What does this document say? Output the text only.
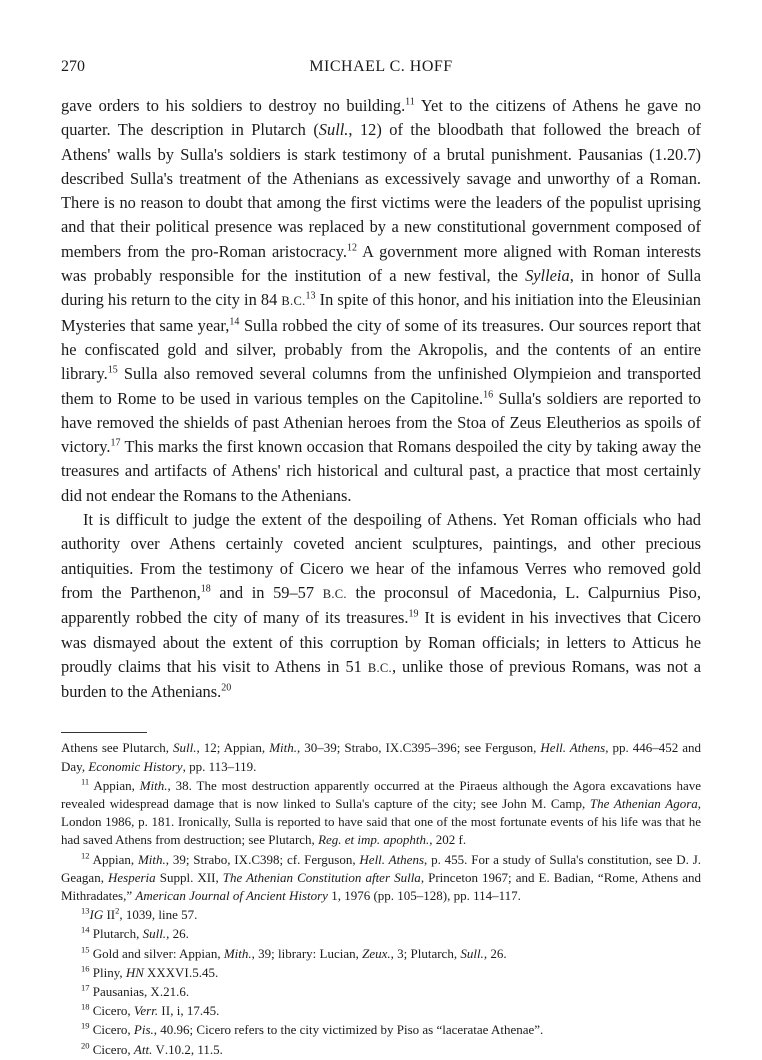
270	MICHAEL C. HOFF

gave orders to his soldiers to destroy no building.$^{11}$ Yet to the citizens of Athens he gave no quarter. The description in Plutarch (Sull., 12) of the bloodbath that followed the breach of Athens' walls by Sulla's soldiers is stark testimony of a brutal punishment. Pausanias (1.20.7) described Sulla's treatment of the Athenians as excessively savage and unworthy of a Roman. There is no reason to doubt that among the first victims were the leaders of the populist uprising and that their political presence was replaced by a new constitutional government composed of members from the pro-Roman aristocracy.$^{12}$ A government more aligned with Roman interests was probably responsible for the institution of a new festival, the Sylleia, in honor of Sulla during his return to the city in 84 B.C.$^{13}$ In spite of this honor, and his initiation into the Eleusinian Mysteries that same year,$^{14}$ Sulla robbed the city of some of its treasures. Our sources report that he confiscated gold and silver, probably from the Akropolis, and the contents of an entire library.$^{15}$ Sulla also removed several columns from the unfinished Olympieion and transported them to Rome to be used in various temples on the Capitoline.$^{16}$ Sulla's soldiers are reported to have removed the shields of past Athenian heroes from the Stoa of Zeus Eleutherios as spoils of victory.$^{17}$ This marks the first known occasion that Romans despoiled the city by taking away the treasures and artifacts of Athens' rich historical and cultural past, a practice that most certainly did not endear the Romans to the Athenians.

It is difficult to judge the extent of the despoiling of Athens. Yet Roman officials who had authority over Athens certainly coveted ancient sculptures, paintings, and other precious antiquities. From the testimony of Cicero we hear of the infamous Verres who removed gold from the Parthenon,$^{18}$ and in 59–57 B.C. the proconsul of Macedonia, L. Calpurnius Piso, apparently robbed the city of many of its treasures.$^{19}$ It is evident in his invectives that Cicero was dismayed about the extent of this corruption by Roman officials; in letters to Atticus he proudly claims that his visit to Athens in 51 B.C., unlike those of previous Romans, was not a burden to the Athenians.$^{20}$

Athens see Plutarch, Sull., 12; Appian, Mith., 30–39; Strabo, IX.C395–396; see Ferguson, Hell. Athens, pp. 446–452 and Day, Economic History, pp. 113–119.

$^{11}$ Appian, Mith., 38. The most destruction apparently occurred at the Piraeus although the Agora excavations have revealed widespread damage that is now linked to Sulla's capture of the city; see John M. Camp, The Athenian Agora, London 1986, p. 181. Ironically, Sulla is reported to have said that one of the most fortunate events of his life was that he had saved Athens from destruction; see Plutarch, Reg. et imp. apophth., 202 f.

$^{12}$ Appian, Mith., 39; Strabo, IX.C398; cf. Ferguson, Hell. Athens, p. 455. For a study of Sulla's constitution, see D. J. Geagan, Hesperia Suppl. XII, The Athenian Constitution after Sulla, Princeton 1967; and E. Badian, “Rome, Athens and Mithradates,” American Journal of Ancient History 1, 1976 (pp. 105–128), pp. 114–117.

$^{13}$IG $II^2$, 1039, line 57.

$^{14}$ Plutarch, Sull., 26.

$^{15}$ Gold and silver: Appian, Mith., 39; library: Lucian, Zeux., 3; Plutarch, Sull., 26.

$^{16}$ Pliny, HN XXXVI.5.45.

$^{17}$ Pausanias, X.21.6.

$^{18}$ Cicero, Verr. II, i, 17.45.

$^{19}$ Cicero, Pis., 40.96; Cicero refers to the city victimized by Piso as “laceratae Athenae”.

$^{20}$ Cicero, Att. V.10.2, 11.5.
